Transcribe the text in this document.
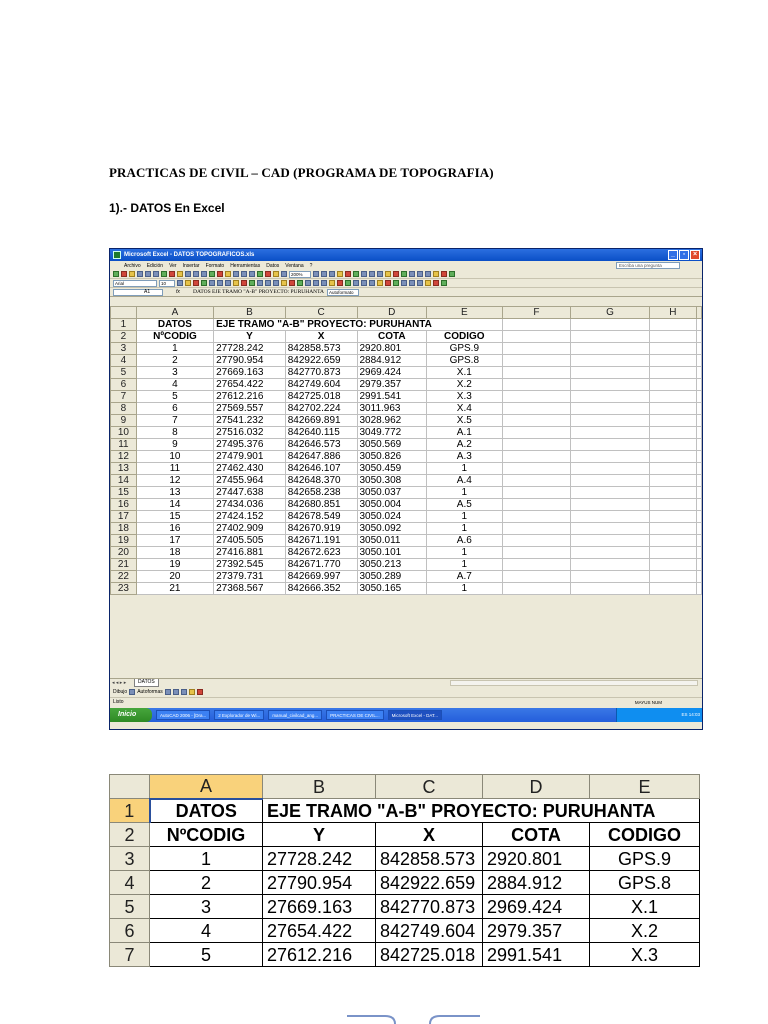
PRACTICAS DE CIVIL – CAD (PROGRAMA DE TOPOGRAFIA)
1).- DATOS En Excel
Microsoft Excel - DATOS TOPOGRAFICOS.xls	_	▫	×
Archivo Edición Ver Insertar Formato Herramientas Datos Ventana ?	Escriba una pregunta
200%
Arial	10
A1	fx	DATOS EJE TRAMO "A-B" PROYECTO: PURUHANTA	Autoformato
	A	B	C	D	E	F	G	H	
1	DATOS	EJE TRAMO "A-B" PROYECTO: PURUHANTA							
2	NºCODIG	Y	X	COTA	CODIGO				
3	1	27728.242	842858.573	2920.801	GPS.9				
4	2	27790.954	842922.659	2884.912	GPS.8				
5	3	27669.163	842770.873	2969.424	X.1				
6	4	27654.422	842749.604	2979.357	X.2				
7	5	27612.216	842725.018	2991.541	X.3				
8	6	27569.557	842702.224	3011.963	X.4				
9	7	27541.232	842669.891	3028.962	X.5				
10	8	27516.032	842640.115	3049.772	A.1				
11	9	27495.376	842646.573	3050.569	A.2				
12	10	27479.901	842647.886	3050.826	A.3				
13	11	27462.430	842646.107	3050.459	1				
14	12	27455.964	842648.370	3050.308	A.4				
15	13	27447.638	842658.238	3050.037	1				
16	14	27434.036	842680.851	3050.004	A.5				
17	15	27424.152	842678.549	3050.024	1				
18	16	27402.909	842670.919	3050.092	1				
19	17	27405.505	842671.191	3050.011	A.6				
20	18	27416.881	842672.623	3050.101	1				
21	19	27392.545	842671.770	3050.213	1				
22	20	27379.731	842669.997	3050.289	A.7				
23	21	27368.567	842666.352	3050.165	1				
◂ ◂ ▸ ▸	DATOS
Dibujo Autoformas
Listo	MAYUS NUM
Inicio	AutoCAD 2006 - [Dra...	2 Explorador de Wi...	manual_civilcad_ang...	PRACTICAS DE CIVIL...	Microsoft Excel - DAT...	ES 14:03
	A	B	C	D	E
1	DATOS	EJE TRAMO "A-B" PROYECTO: PURUHANTA			
2	NºCODIG	Y	X	COTA	CODIGO
3	1	27728.242	842858.573	2920.801	GPS.9
4	2	27790.954	842922.659	2884.912	GPS.8
5	3	27669.163	842770.873	2969.424	X.1
6	4	27654.422	842749.604	2979.357	X.2
7	5	27612.216	842725.018	2991.541	X.3
